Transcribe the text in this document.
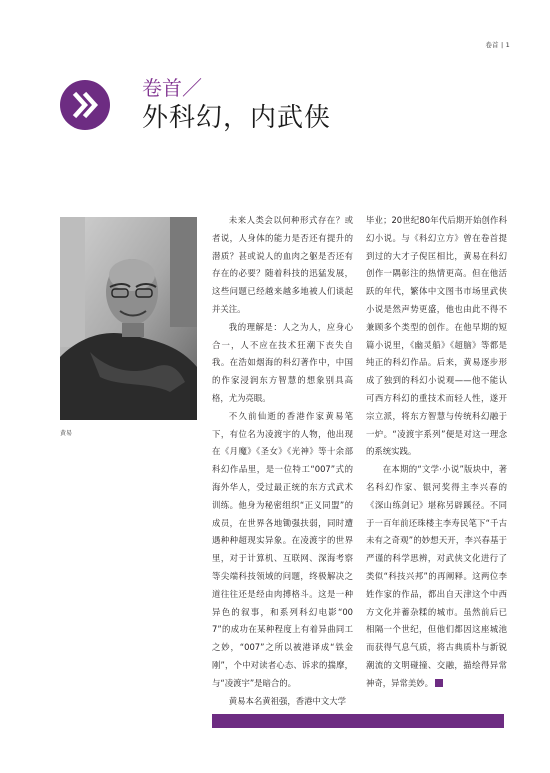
卷首 | 1
卷首／
外科幻，内武侠
黄易

未来人类会以何种形式存在？或者说，人身体的能力是否还有提升的潜质？甚或说人的血肉之躯是否还有存在的必要？随着科技的迅猛发展，这些问题已经越来越多地被人们谈起并关注。

我的理解是：人之为人，应身心合一，人不应在技术狂潮下丧失自我。在浩如烟海的科幻著作中，中国的作家浸润东方智慧的想象别具高格，尤为亮眼。

不久前仙逝的香港作家黄易笔下，有位名为凌渡宇的人物，他出现在《月魔》《圣女》《光神》等十余部科幻作品里，是一位特工“007”式的海外华人，受过最正统的东方式武术训练。他身为秘密组织“正义同盟”的成员，在世界各地锄强扶弱，同时遭遇种种超现实异象。在凌渡宇的世界里，对于计算机、互联网、深海考察等尖端科技领域的问题，终极解决之道往往还是经由肉搏格斗。这是一种异色的叙事，和系列科幻电影“007”的成功在某种程度上有着异曲同工之妙，“007”之所以被港译成“铁金刚”，个中对读者心态、诉求的揣摩，与“凌渡宇”是暗合的。

黄易本名黄祖强，香港中文大学

毕业；20世纪80年代后期开始创作科幻小说。与《科幻立方》曾在卷首提到过的大才子倪匡相比，黄易在科幻创作一隅彰注的热情更高。但在他活跃的年代，繁体中文图书市场里武侠小说是然声势更盛，他也由此不得不兼顾多个类型的创作。在他早期的短篇小说里，《幽灵船》《超脑》等都是纯正的科幻作品。后来，黄易逐步形成了独到的科幻小说观——他不能认可西方科幻的重技术而轻人性，遂开宗立派，将东方智慧与传统科幻融于一炉。“凌渡宇系列”便是对这一理念的系统实践。

在本期的“文学·小说”版块中，著名科幻作家、银河奖得主李兴春的《深山练剑记》堪称另辟蹊径。不同于一百年前还珠楼主李寿民笔下“千古未有之奇观”的妙想天开，李兴春基于严谨的科学思辨，对武侠文化进行了类似“科技兴邦”的再阐释。这两位李姓作家的作品，都出自天津这个中西方文化并蓄杂糅的城市。虽然前后已相隔一个世纪，但他们都因这座城池而获得气息气质，将古典质朴与新锐潮流的文明碰撞、交融，描绘得异常神奇，异常美妙。	C
